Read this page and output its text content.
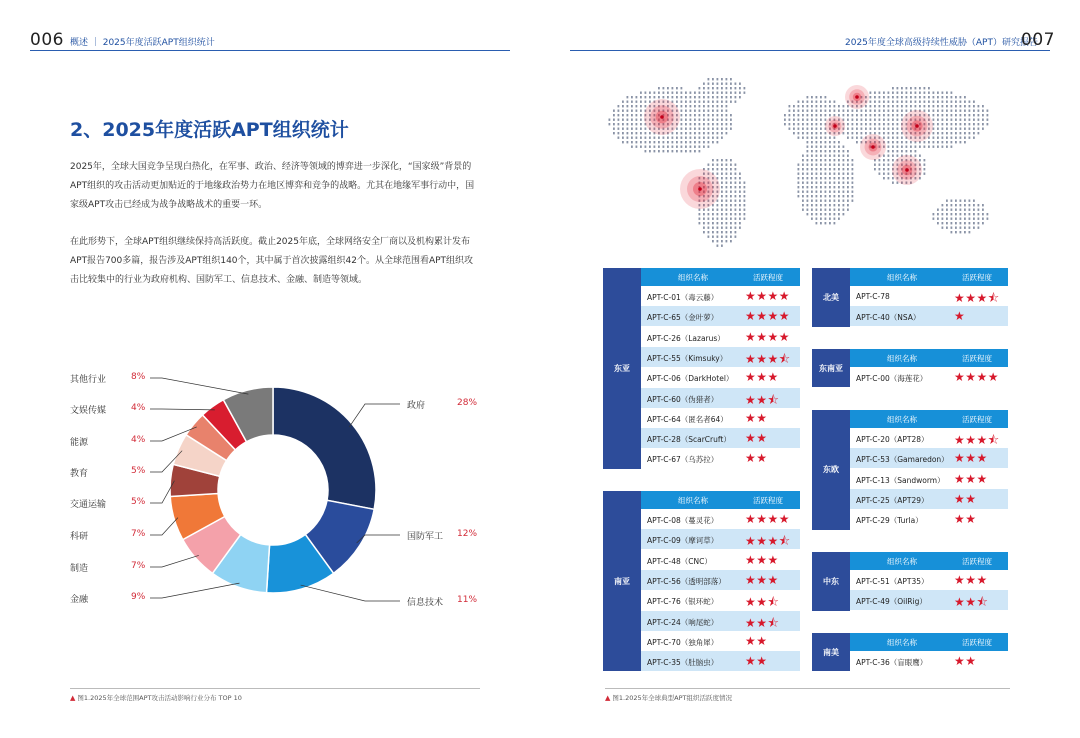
006 概述 ｜ 2025年度活跃APT组织统计
2、2025年度活跃APT组织统计
2025年，全球大国竞争呈现白热化，在军事、政治、经济等领域的博弈进一步深化，“国家级”背景的APT组织的攻击活动更加贴近的于地缘政治势力在地区博弈和竞争的战略。尤其在地缘军事行动中，国家级APT攻击已经成为战争战略战术的重要一环。
在此形势下，全球APT组织继续保持高活跃度。截止2025年底，全球网络安全厂商以及机构累计发布APT报告700多篇，报告涉及APT组织140个，其中属于首次披露组织42个。从全球范围看APT组织攻击比较集中的行业为政府机构、国防军工、信息技术、金融、制造等领域。
政府	28%
国防军工 12%
信息技术 11%
金融	9%
制造	7%
科研	7%
交通运输	5%
教育	5%
能源	4%
文娱传媒	4%
其他行业	8%
▲ 图1.2025年全球范围APT攻击活动影响行业分布 TOP 10
2025年度全球高级持续性威胁（APT）研究报告
007
东亚
组织名称	活跃程度
APT-C-01（毒云藤） ★★★★
APT-C-65（金叶萝） ★★★★
APT-C-26（Lazarus） ★★★★
APT-C-55（Kimsuky） ★★★⯪
APT-C-06（DarkHotel） ★★★
APT-C-60（伪猎者） ★★⯪
APT-C-64（匿名者64） ★★
APT-C-28（ScarCruft） ★★
APT-C-67（乌苏拉） ★★
南亚
组织名称	活跃程度
APT-C-08（蔓灵花） ★★★★
APT-C-09（摩诃草） ★★★⯪
APT-C-48（CNC）	★★★
APT-C-56（透明部落） ★★★
APT-C-76（银环蛇） ★★⯪
APT-C-24（响尾蛇） ★★⯪
APT-C-70（独角犀） ★★
APT-C-35（肚脑虫） ★★
北美
组织名称	活跃程度
APT-C-78	★★★⯪
APT-C-40（NSA）	★
东南亚
组织名称	活跃程度
APT-C-00（海莲花） ★★★★
东欧
组织名称	活跃程度
APT-C-20（APT28） ★★★⯪
APT-C-53（Gamaredon） ★★★
APT-C-13（Sandworm） ★★★
APT-C-25（APT29） ★★
APT-C-29（Turla）	★★
中东
组织名称	活跃程度
APT-C-51（APT35） ★★★
APT-C-49（OilRig） ★★⯪
南美
组织名称	活跃程度
APT-C-36（盲眼鹰） ★★
▲ 图1.2025年全球典型APT组织活跃度情况
